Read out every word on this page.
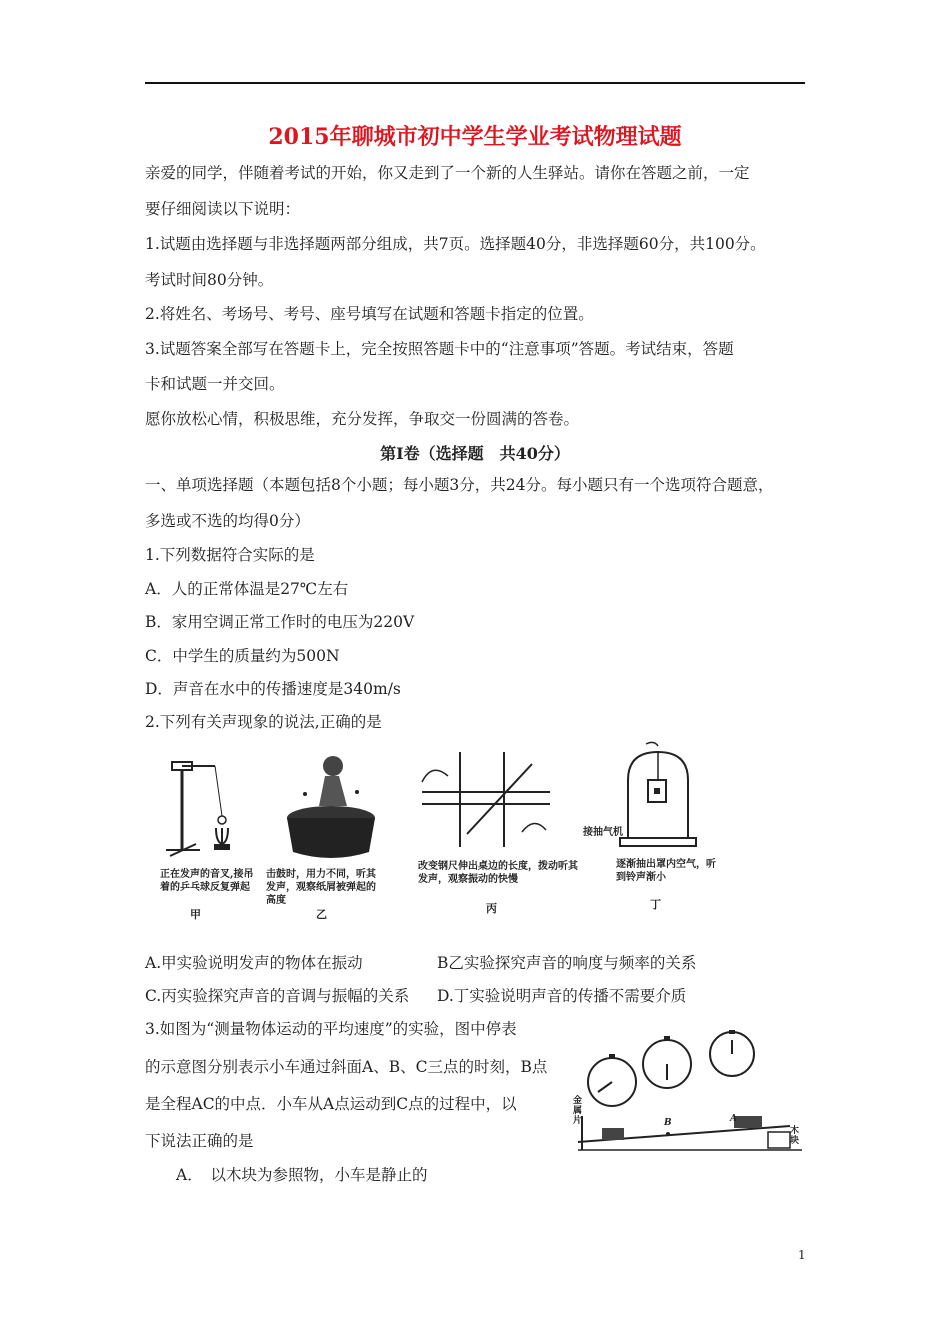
2015年聊城市初中学生学业考试物理试题
亲爱的同学，伴随着考试的开始，你又走到了一个新的人生驿站。请你在答题之前，一定
要仔细阅读以下说明：
1.试题由选择题与非选择题两部分组成，共7页。选择题40分，非选择题60分，共100分。
考试时间80分钟。
2.将姓名、考场号、考号、座号填写在试题和答题卡指定的位置。
3.试题答案全部写在答题卡上，完全按照答题卡中的“注意事项”答题。考试结束，答题
卡和试题一并交回。
愿你放松心情，积极思维，充分发挥，争取交一份圆满的答卷。
第I卷（选择题　共40分）
一、单项选择题（本题包括8个小题；每小题3分，共24分。每小题只有一个选项符合题意，
多选或不选的均得0分）
1.下列数据符合实际的是
A．人的正常体温是27℃左右
B．家用空调正常工作时的电压为220V
C．中学生的质量约为500N
D．声音在水中的传播速度是340m/s
2.下列有关声现象的说法,正确的是
正在发声的音叉,接吊着的乒乓球反复弹起
甲
击鼓时，用力不同，听其发声，观察纸屑被弹起的高度
乙
改变钢尺伸出桌边的长度，拨动听其发声，观察振动的快慢
丙
接抽气机
逐渐抽出罩内空气，听到铃声渐小
丁
A.甲实验说明发声的物体在振动	B乙实验探究声音的响度与频率的关系
C.丙实验探究声音的音调与振幅的关系 D.丁实验说明声音的传播不需要介质
3.如图为“测量物体运动的平均速度”的实验，图中停表
的示意图分别表示小车通过斜面A、B、C三点的时刻，B点
是全程AC的中点．小车从A点运动到C点的过程中，以
下说法正确的是
金属片	B	A
木块
A．　以木块为参照物，小车是静止的
1
